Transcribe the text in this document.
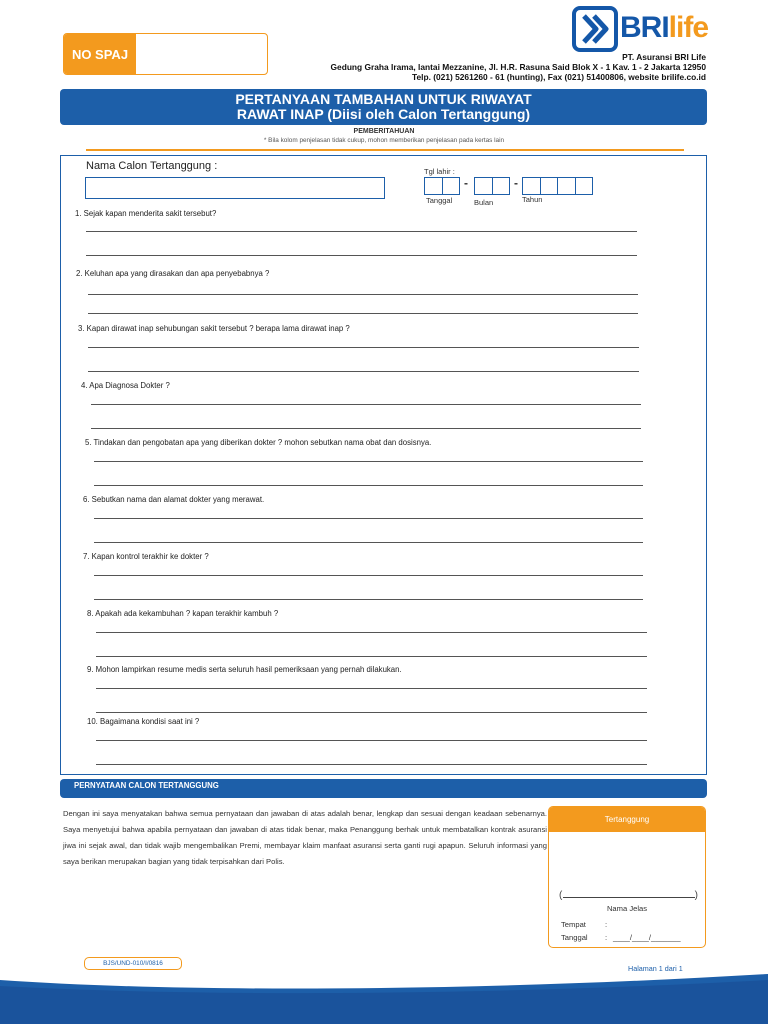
NO SPAJ
BRIlife
PT. Asuransi BRI Life
Gedung Graha Irama, lantai Mezzanine, Jl. H.R. Rasuna Said Blok X - 1 Kav. 1 - 2 Jakarta 12950
Telp. (021) 5261260 - 61 (hunting), Fax (021) 51400806, website brilife.co.id
PERTANYAAN TAMBAHAN UNTUK RIWAYAT
RAWAT INAP (Diisi oleh Calon Tertanggung)
PEMBERITAHUAN
* Bila kolom penjelasan tidak cukup, mohon memberikan penjelasan pada kertas lain
Nama Calon Tertanggung :	Tgl lahir :
-	-
Tanggal	Bulan	Tahun
1. Sejak kapan menderita sakit tersebut?
2. Keluhan apa yang dirasakan dan apa penyebabnya ?
3. Kapan dirawat inap sehubungan sakit tersebut ? berapa lama dirawat inap ?
4. Apa Diagnosa Dokter ?
5. Tindakan dan pengobatan apa yang diberikan dokter ? mohon sebutkan nama obat dan dosisnya.
6. Sebutkan nama dan alamat dokter yang merawat.
7. Kapan kontrol terakhir ke dokter ?
8. Apakah ada kekambuhan ? kapan terakhir kambuh ?
9. Mohon lampirkan resume medis serta seluruh hasil pemeriksaan yang pernah dilakukan.
10. Bagaimana kondisi saat ini ?
PERNYATAAN CALON TERTANGGUNG
Dengan ini saya menyatakan bahwa semua pernyataan dan jawaban di atas adalah benar, lengkap dan sesuai dengan keadaan sebenarnya. Saya menyetujui bahwa apabila pernyataan dan jawaban di atas tidak benar, maka Penanggung berhak untuk membatalkan kontrak asuransi jiwa ini sejak awal, dan tidak wajib mengembalikan Premi, membayar klaim manfaat asuransi serta ganti rugi apapun. Seluruh informasi yang saya berikan merupakan bagian yang tidak terpisahkan dari Polis.
Tertanggung
(	)
Nama Jelas
Tempat	:
Tanggal : ____/____/_______
BJS/UND-010/I/0816
Halaman 1 dari 1
